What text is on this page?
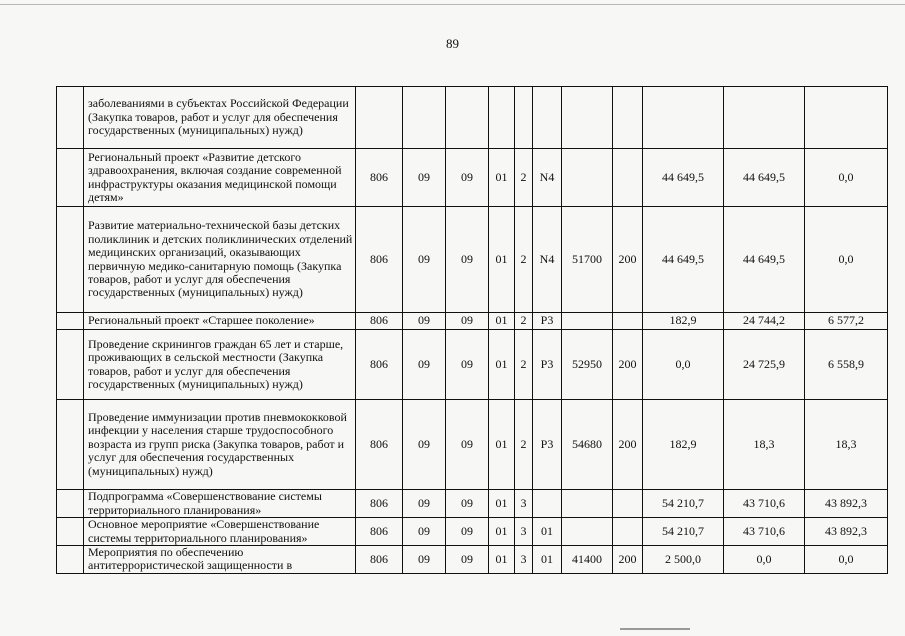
89
	заболеваниями в субъектах Российской Федерации (Закупка товаров, работ и услуг для обеспечения государственных (муниципальных) нужд)											
	Региональный проект «Развитие детского здравоохранения, включая создание современной инфраструктуры оказания медицинской помощи детям»	806	09	09	01	2	N4			44 649,5	44 649,5	0,0
	Развитие материально-технической базы детских поликлиник и детских поликлинических отделений медицинских организаций, оказывающих первичную медико-санитарную помощь (Закупка товаров, работ и услуг для обеспечения государственных (муниципальных) нужд)	806	09	09	01	2	N4	51700	200	44 649,5	44 649,5	0,0
	Региональный проект «Старшее поколение»	806	09	09	01	2	P3			182,9	24 744,2	6 577,2
	Проведение скринингов граждан 65 лет и старше, проживающих в сельской местности (Закупка товаров, работ и услуг для обеспечения государственных (муниципальных) нужд)	806	09	09	01	2	P3	52950	200	0,0	24 725,9	6 558,9
	Проведение иммунизации против пневмококковой инфекции у населения старше трудоспособного возраста из групп риска (Закупка товаров, работ и услуг для обеспечения государственных (муниципальных) нужд)	806	09	09	01	2	P3	54680	200	182,9	18,3	18,3
	Подпрограмма «Совершенствование системы территориального планирования»	806	09	09	01	3				54 210,7	43 710,6	43 892,3
	Основное мероприятие «Совершенствование системы территориального планирования»	806	09	09	01	3	01			54 210,7	43 710,6	43 892,3
	Мероприятия по обеспечению антитеррористической защищенности в	806	09	09	01	3	01	41400	200	2 500,0	0,0	0,0
